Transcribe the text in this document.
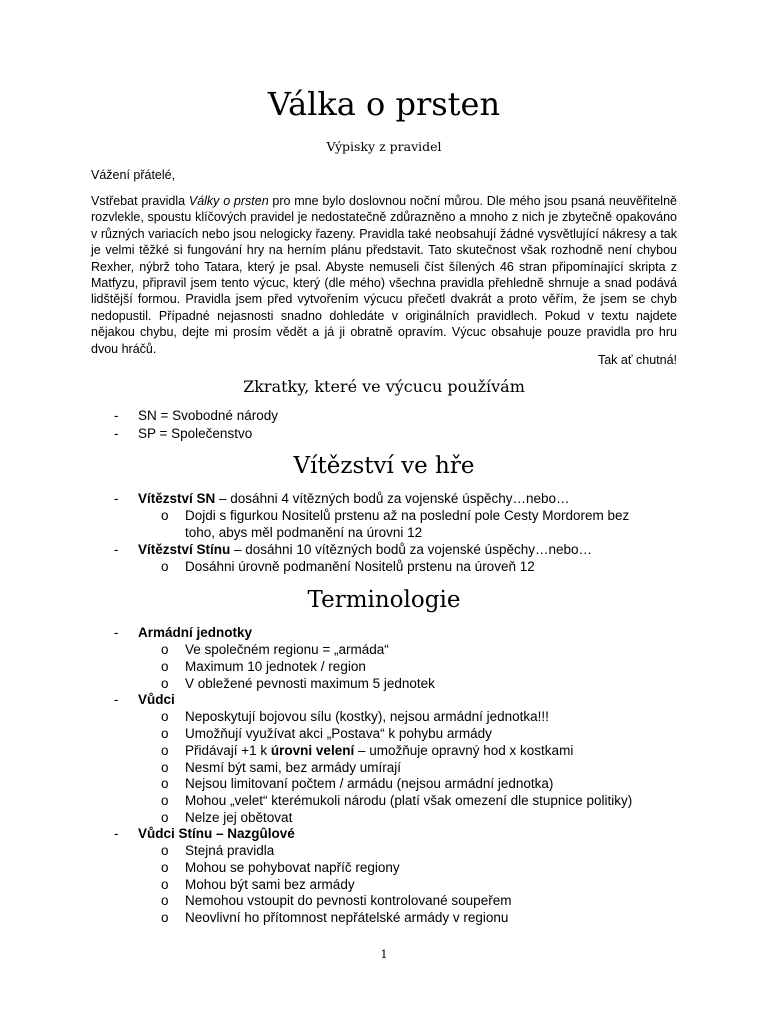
Válka o prsten
Výpisky z pravidel
Vážení přátelé,
Vstřebat pravidla Války o prsten pro mne bylo doslovnou noční můrou. Dle mého jsou psaná neuvěřitelně rozvlekle, spoustu klíčových pravidel je nedostatečně zdůrazněno a mnoho z nich je zbytečně opakováno v různých variacích nebo jsou nelogicky řazeny. Pravidla také neobsahují žádné vysvětlující nákresy a tak je velmi těžké si fungování hry na herním plánu představit. Tato skutečnost však rozhodně není chybou Rexher, nýbrž toho Tatara, který je psal. Abyste nemuseli číst šílených 46 stran připomínající skripta z Matfyzu, připravil jsem tento výcuc, který (dle mého) všechna pravidla přehledně shrnuje a snad podává lidštější formou. Pravidla jsem před vytvořením výcucu přečetl dvakrát a proto věřím, že jsem se chyb nedopustil. Případné nejasnosti snadno dohledáte v originálních pravidlech. Pokud v textu najdete nějakou chybu, dejte mi prosím vědět a já ji obratně opravím. Výcuc obsahuje pouze pravidla pro hru dvou hráčů.
Tak ať chutná!
Zkratky, které ve výcucu používám
- SN = Svobodné národy
- SP = Společenstvo
Vítězství ve hře
- Vítězství SN – dosáhni 4 vítězných bodů za vojenské úspěchy…nebo…
o Dojdi s figurkou Nositelů prstenu až na poslední pole Cesty Mordorem bez
toho, abys měl podmanění na úrovni 12
- Vítězství Stínu – dosáhni 10 vítězných bodů za vojenské úspěchy…nebo…
o Dosáhni úrovně podmanění Nositelů prstenu na úroveň 12
Terminologie
- Armádní jednotky
o Ve společném regionu = „armáda“
o Maximum 10 jednotek / region
o V obležené pevnosti maximum 5 jednotek
- Vůdci
o Neposkytují bojovou sílu (kostky), nejsou armádní jednotka!!!
o Umožňují využívat akci „Postava“ k pohybu armády
o Přidávají +1 k úrovni velení – umožňuje opravný hod x kostkami
o Nesmí být sami, bez armády umírají
o Nejsou limitovaní počtem / armádu (nejsou armádní jednotka)
o Mohou „velet“ kterémukoli národu (platí však omezení dle stupnice politiky)
o Nelze jej obětovat
- Vůdci Stínu – Nazgûlové
o Stejná pravidla
o Mohou se pohybovat napříč regiony
o Mohou být sami bez armády
o Nemohou vstoupit do pevnosti kontrolované soupeřem
o Neovlivní ho přítomnost nepřátelské armády v regionu
1
